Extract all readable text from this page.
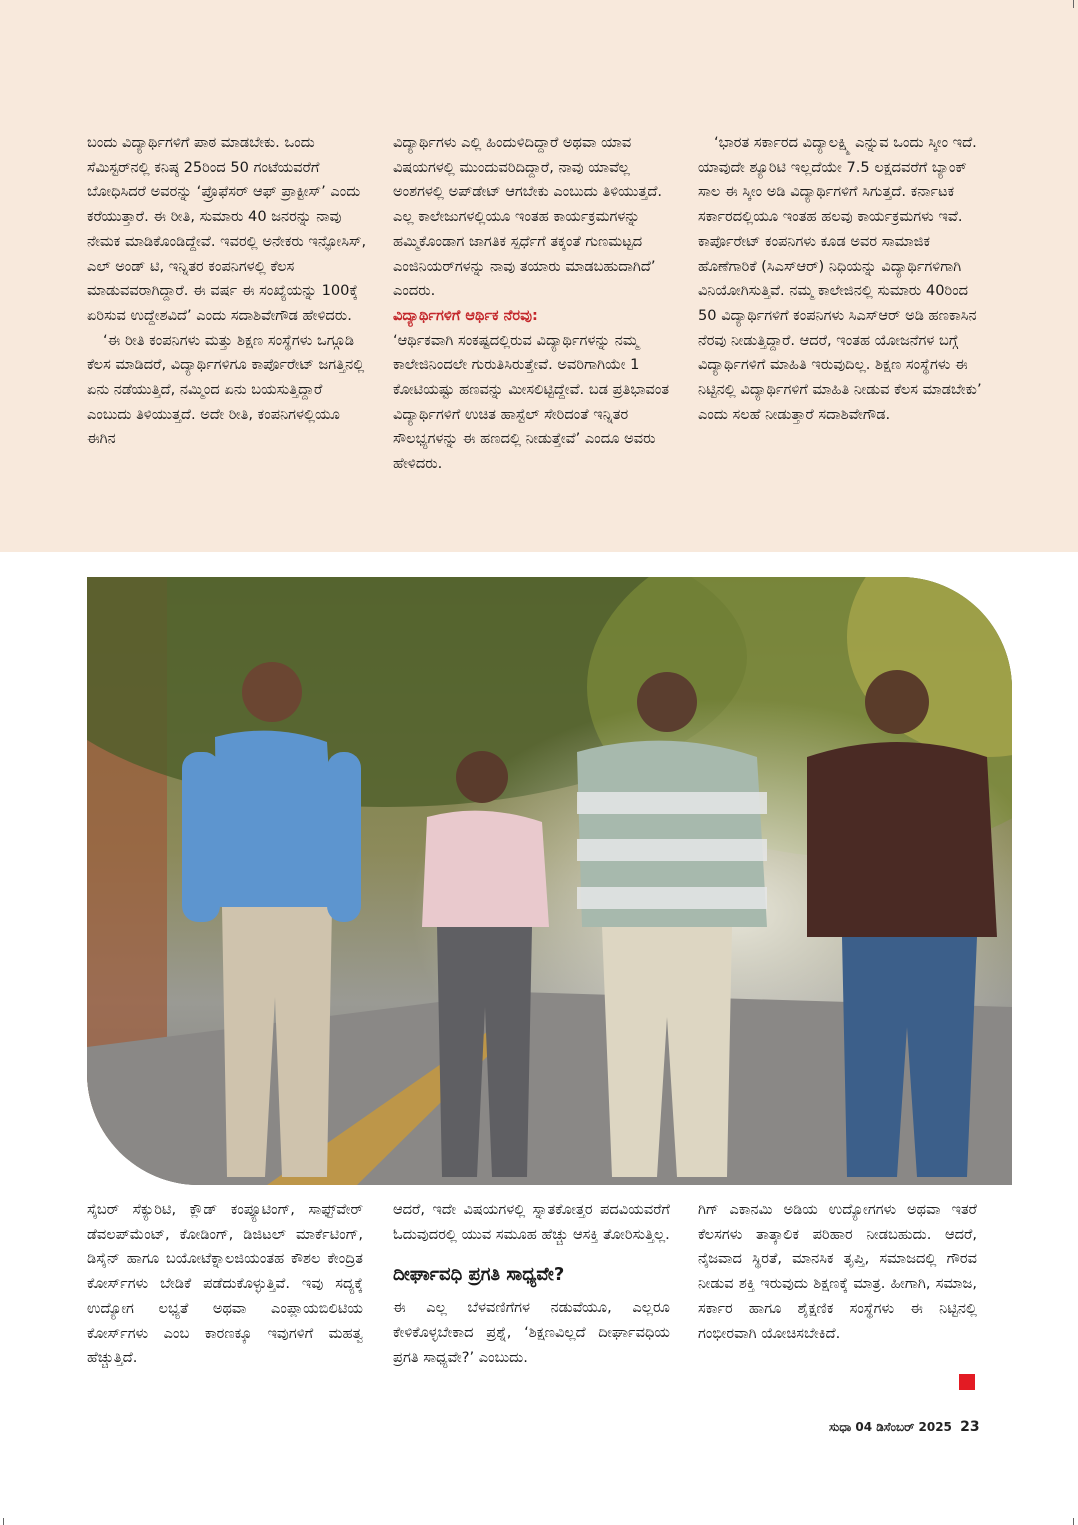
ಬಂದು ವಿದ್ಯಾರ್ಥಿಗಳಿಗೆ ಪಾಠ ಮಾಡಬೇಕು. ಒಂದು ಸೆಮಿಸ್ಟರ್‌ನಲ್ಲಿ ಕನಿಷ್ಠ 25ರಿಂದ 50 ಗಂಟೆಯವರೆಗೆ ಬೋಧಿಸಿದರೆ ಅವರನ್ನು ‘ಪ್ರೊಫೆಸರ್ ಆಫ್ ಪ್ರಾಕ್ಟೀಸ್’ ಎಂದು ಕರೆಯುತ್ತಾರೆ. ಈ ರೀತಿ, ಸುಮಾರು 40 ಜನರನ್ನು ನಾವು ನೇಮಕ ಮಾಡಿಕೊಂಡಿದ್ದೇವೆ. ಇವರಲ್ಲಿ ಅನೇಕರು ಇನ್ಫೋಸಿಸ್, ಎಲ್ ಅಂಡ್ ಟಿ, ಇನ್ನಿತರ ಕಂಪನಿಗಳಲ್ಲಿ ಕೆಲಸ ಮಾಡುವವರಾಗಿದ್ದಾರೆ. ಈ ವರ್ಷ ಈ ಸಂಖ್ಯೆಯನ್ನು 100ಕ್ಕೆ ಏರಿಸುವ ಉದ್ದೇಶವಿದೆ’ ಎಂದು ಸದಾಶಿವೇಗೌಡ ಹೇಳಿದರು.

‘ಈ ರೀತಿ ಕಂಪನಿಗಳು ಮತ್ತು ಶಿಕ್ಷಣ ಸಂಸ್ಥೆಗಳು ಒಗ್ಗೂಡಿ ಕೆಲಸ ಮಾಡಿದರೆ, ವಿದ್ಯಾರ್ಥಿಗಳಿಗೂ ಕಾರ್ಪೊರೇಟ್ ಜಗತ್ತಿನಲ್ಲಿ ಏನು ನಡೆಯುತ್ತಿದೆ, ನಮ್ಮಿಂದ ಏನು ಬಯಸುತ್ತಿದ್ದಾರೆ ಎಂಬುದು ತಿಳಿಯುತ್ತದೆ. ಅದೇ ರೀತಿ, ಕಂಪನಿಗಳಲ್ಲಿಯೂ ಈಗಿನ

ವಿದ್ಯಾರ್ಥಿಗಳು ಎಲ್ಲಿ ಹಿಂದುಳಿದಿದ್ದಾರೆ ಅಥವಾ ಯಾವ ವಿಷಯಗಳಲ್ಲಿ ಮುಂದುವರಿದಿದ್ದಾರೆ, ನಾವು ಯಾವೆಲ್ಲ ಅಂಶಗಳಲ್ಲಿ ಅಪ್‌ಡೇಟ್ ಆಗಬೇಕು ಎಂಬುದು ತಿಳಿಯುತ್ತದೆ. ಎಲ್ಲ ಕಾಲೇಜುಗಳಲ್ಲಿಯೂ ಇಂತಹ ಕಾರ್ಯಕ್ರಮಗಳನ್ನು ಹಮ್ಮಿಕೊಂಡಾಗ ಜಾಗತಿಕ ಸ್ಪರ್ಧೆಗೆ ತಕ್ಕಂತೆ ಗುಣಮಟ್ಟದ ಎಂಜಿನಿಯರ್‌ಗಳನ್ನು ನಾವು ತಯಾರು ಮಾಡಬಹುದಾಗಿದೆ’ ಎಂದರು.

ವಿದ್ಯಾರ್ಥಿಗಳಿಗೆ ಆರ್ಥಿಕ ನೆರವು:

‘ಆರ್ಥಿಕವಾಗಿ ಸಂಕಷ್ಟದಲ್ಲಿರುವ ವಿದ್ಯಾರ್ಥಿಗಳನ್ನು ನಮ್ಮ ಕಾಲೇಜಿನಿಂದಲೇ ಗುರುತಿಸಿರುತ್ತೇವೆ. ಅವರಿಗಾಗಿಯೇ 1 ಕೋಟಿಯಷ್ಟು ಹಣವನ್ನು ಮೀಸಲಿಟ್ಟಿದ್ದೇವೆ. ಬಡ ಪ್ರತಿಭಾವಂತ ವಿದ್ಯಾರ್ಥಿಗಳಿಗೆ ಉಚಿತ ಹಾಸ್ಟೆಲ್ ಸೇರಿದಂತೆ ಇನ್ನಿತರ ಸೌಲಭ್ಯಗಳನ್ನು ಈ ಹಣದಲ್ಲಿ ನೀಡುತ್ತೇವೆ’ ಎಂದೂ ಅವರು ಹೇಳಿದರು.

‘ಭಾರತ ಸರ್ಕಾರದ ವಿದ್ಯಾಲಕ್ಷ್ಮಿ ಎನ್ನುವ ಒಂದು ಸ್ಕೀಂ ಇದೆ. ಯಾವುದೇ ಶ್ಯೂರಿಟಿ ಇಲ್ಲದೆಯೇ 7.5 ಲಕ್ಷದವರೆಗೆ ಬ್ಯಾಂಕ್ ಸಾಲ ಈ ಸ್ಕೀಂ ಅಡಿ ವಿದ್ಯಾರ್ಥಿಗಳಿಗೆ ಸಿಗುತ್ತದೆ. ಕರ್ನಾಟಕ ಸರ್ಕಾರದಲ್ಲಿಯೂ ಇಂತಹ ಹಲವು ಕಾರ್ಯಕ್ರಮಗಳು ಇವೆ. ಕಾರ್ಪೊರೇಟ್ ಕಂಪನಿಗಳು ಕೂಡ ಅವರ ಸಾಮಾಜಿಕ ಹೊಣೆಗಾರಿಕೆ (ಸಿಎಸ್‌ಆರ್) ನಿಧಿಯನ್ನು ವಿದ್ಯಾರ್ಥಿಗಳಿಗಾಗಿ ವಿನಿಯೋಗಿಸುತ್ತಿವೆ. ನಮ್ಮ ಕಾಲೇಜಿನಲ್ಲಿ ಸುಮಾರು 40ರಿಂದ 50 ವಿದ್ಯಾರ್ಥಿಗಳಿಗೆ ಕಂಪನಿಗಳು ಸಿಎಸ್‌ಆರ್ ಅಡಿ ಹಣಕಾಸಿನ ನೆರವು ನೀಡುತ್ತಿದ್ದಾರೆ. ಆದರೆ, ಇಂತಹ ಯೋಜನೆಗಳ ಬಗ್ಗೆ ವಿದ್ಯಾರ್ಥಿಗಳಿಗೆ ಮಾಹಿತಿ ಇರುವುದಿಲ್ಲ. ಶಿಕ್ಷಣ ಸಂಸ್ಥೆಗಳು ಈ ನಿಟ್ಟಿನಲ್ಲಿ ವಿದ್ಯಾರ್ಥಿಗಳಿಗೆ ಮಾಹಿತಿ ನೀಡುವ ಕೆಲಸ ಮಾಡಬೇಕು’ ಎಂದು ಸಲಹೆ ನೀಡುತ್ತಾರೆ ಸದಾಶಿವೇಗೌಡ.

ಸೈಬರ್ ಸೆಕ್ಯುರಿಟಿ, ಕ್ಲೌಡ್ ಕಂಪ್ಯೂಟಿಂಗ್, ಸಾಫ್ಟ್‌ವೇರ್ ಡೆವಲಪ್‌ಮೆಂಟ್, ಕೋಡಿಂಗ್, ಡಿಜಿಟಲ್ ಮಾರ್ಕೆಟಿಂಗ್, ಡಿಸೈನ್ ಹಾಗೂ ಬಯೋಟೆಕ್ನಾಲಜಿಯಂತಹ ಕೌಶಲ ಕೇಂದ್ರಿತ ಕೋರ್ಸ್‌ಗಳು ಬೇಡಿಕೆ ಪಡೆದುಕೊಳ್ಳುತ್ತಿವೆ. ಇವು ಸದ್ಯಕ್ಕೆ ಉದ್ಯೋಗ ಲಭ್ಯತೆ ಅಥವಾ ಎಂಪ್ಲಾಯಬಿಲಿಟಿಯ ಕೋರ್ಸ್‌ಗಳು ಎಂಬ ಕಾರಣಕ್ಕೂ ಇವುಗಳಿಗೆ ಮಹತ್ವ ಹೆಚ್ಚುತ್ತಿದೆ.

ಆದರೆ, ಇದೇ ವಿಷಯಗಳಲ್ಲಿ ಸ್ನಾತಕೋತ್ತರ ಪದವಿಯವರೆಗೆ ಓದುವುದರಲ್ಲಿ ಯುವ ಸಮೂಹ ಹೆಚ್ಚು ಆಸಕ್ತಿ ತೋರಿಸುತ್ತಿಲ್ಲ.

ದೀರ್ಘಾವಧಿ ಪ್ರಗತಿ ಸಾಧ್ಯವೇ?

ಈ ಎಲ್ಲ ಬೆಳವಣಿಗೆಗಳ ನಡುವೆಯೂ, ಎಲ್ಲರೂ ಕೇಳಿಕೊಳ್ಳಬೇಕಾದ ಪ್ರಶ್ನೆ, ‘ಶಿಕ್ಷಣವಿಲ್ಲದೆ ದೀರ್ಘಾವಧಿಯ ಪ್ರಗತಿ ಸಾಧ್ಯವೇ?’ ಎಂಬುದು.

ಗಿಗ್ ಎಕಾನಮಿ ಅಡಿಯ ಉದ್ಯೋಗಗಳು ಅಥವಾ ಇತರೆ ಕೆಲಸಗಳು ತಾತ್ಕಾಲಿಕ ಪರಿಹಾರ ನೀಡಬಹುದು. ಆದರೆ, ನೈಜವಾದ ಸ್ಥಿರತೆ, ಮಾನಸಿಕ ತೃಪ್ತಿ, ಸಮಾಜದಲ್ಲಿ ಗೌರವ ನೀಡುವ ಶಕ್ತಿ ಇರುವುದು ಶಿಕ್ಷಣಕ್ಕೆ ಮಾತ್ರ. ಹೀಗಾಗಿ, ಸಮಾಜ, ಸರ್ಕಾರ ಹಾಗೂ ಶೈಕ್ಷಣಿಕ ಸಂಸ್ಥೆಗಳು ಈ ನಿಟ್ಟಿನಲ್ಲಿ ಗಂಭೀರವಾಗಿ ಯೋಚಿಸಬೇಕಿದೆ.

ಸುಧಾ 04 ಡಿಸೆಂಬರ್ 2025 23
